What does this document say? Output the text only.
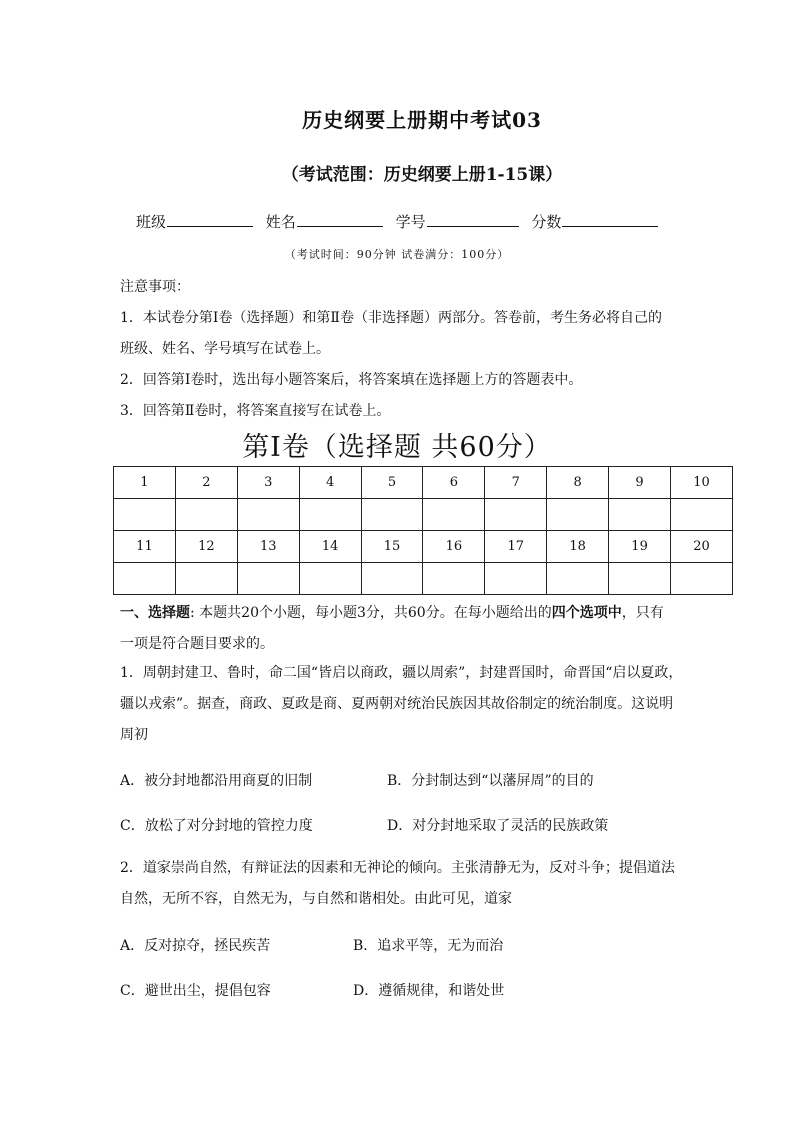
历史纲要上册期中考试03
（考试范围：历史纲要上册1-15课）
班级	姓名	学号	分数
（考试时间：90分钟 试卷满分：100分）

注意事项：

1．本试卷分第Ⅰ卷（选择题）和第Ⅱ卷（非选择题）两部分。答卷前，考生务必将自己的

班级、姓名、学号填写在试卷上。

2．回答第Ⅰ卷时，选出每小题答案后，将答案填在选择题上方的答题表中。

3．回答第Ⅱ卷时，将答案直接写在试卷上。

第Ⅰ卷（选择题 共60分）
1	2	3	4	5	6	7	8	9	10

11	12	13	14	15	16	17	18	19	20

一、选择题: 本题共20个小题，每小题3分，共60分。在每小题给出的四个选项中，只有

一项是符合题目要求的。

1．周朝封建卫、鲁时，命二国“皆启以商政，疆以周索”，封建晋国时，命晋国“启以夏政，

疆以戎索”。据查，商政、夏政是商、夏两朝对统治民族因其故俗制定的统治制度。这说明

周初

A．被分封地都沿用商夏的旧制	B．分封制达到“以藩屏周”的目的
C．放松了对分封地的管控力度	D．对分封地采取了灵活的民族政策

2．道家崇尚自然，有辩证法的因素和无神论的倾向。主张清静无为，反对斗争；提倡道法

自然，无所不容，自然无为，与自然和谐相处。由此可见，道家

A．反对掠夺，拯民疾苦	B．追求平等，无为而治
C．避世出尘，提倡包容	D．遵循规律，和谐处世
